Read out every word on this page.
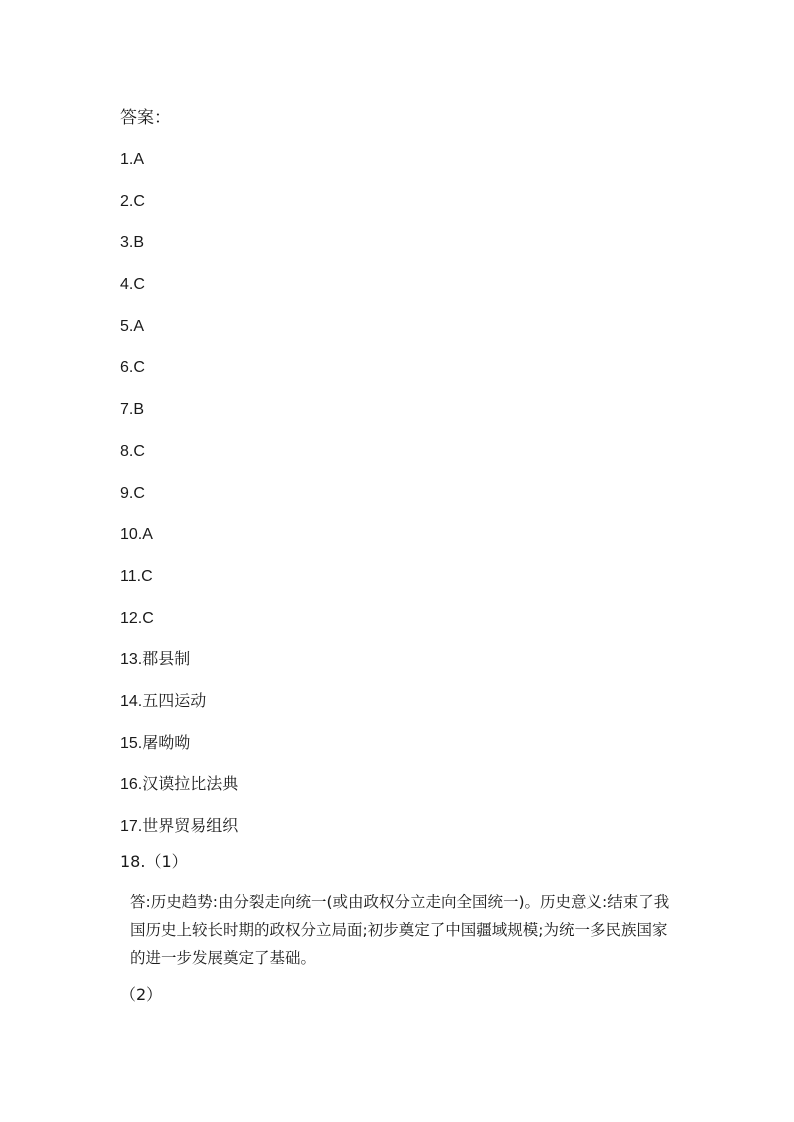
答案：
1.A
2.C
3.B
4.C
5.A
6.C
7.B
8.C
9.C
10.A
11.C
12.C
13.郡县制
14.五四运动
15.屠呦呦
16.汉谟拉比法典
17.世界贸易组织
18.（1）

答:历史趋势:由分裂走向统一(或由政权分立走向全国统一)。历史意义:结束了我国历史上较长时期的政权分立局面;初步奠定了中国疆域规模;为统一多民族国家的进一步发展奠定了基础。

（2）
